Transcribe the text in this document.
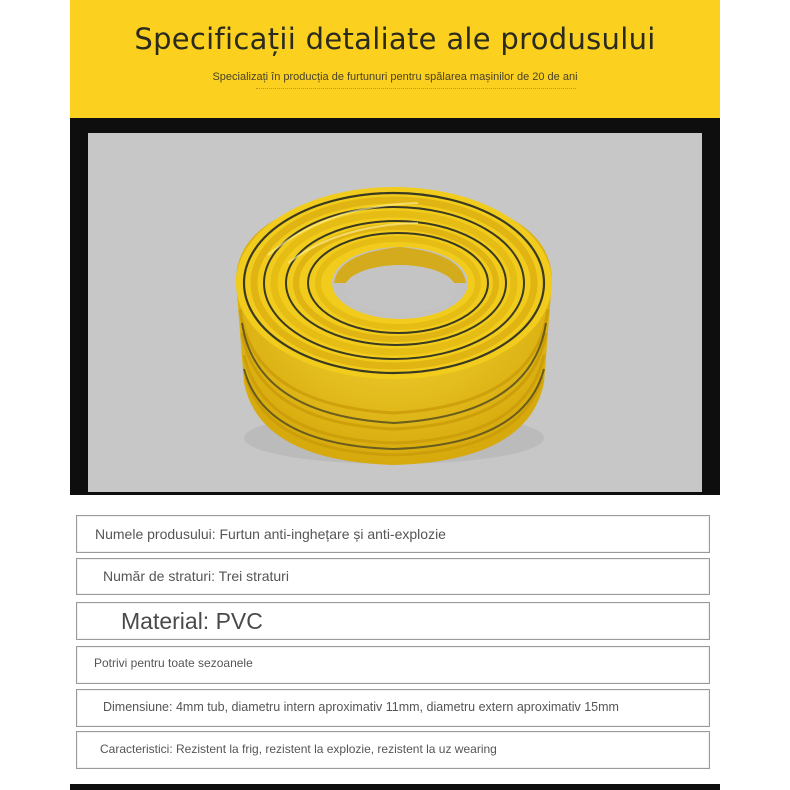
Specificații detaliate ale produsului
Specializați în producția de furtunuri pentru spălarea mașinilor de 20 de ani
Numele produsului: Furtun anti-inghețare și anti-explozie
Număr de straturi: Trei straturi
Material: PVC
Potrivi pentru toate sezoanele
Dimensiune: 4mm tub, diametru intern aproximativ 11mm, diametru extern aproximativ 15mm
Caracteristici: Rezistent la frig, rezistent la explozie, rezistent la uz wearing
